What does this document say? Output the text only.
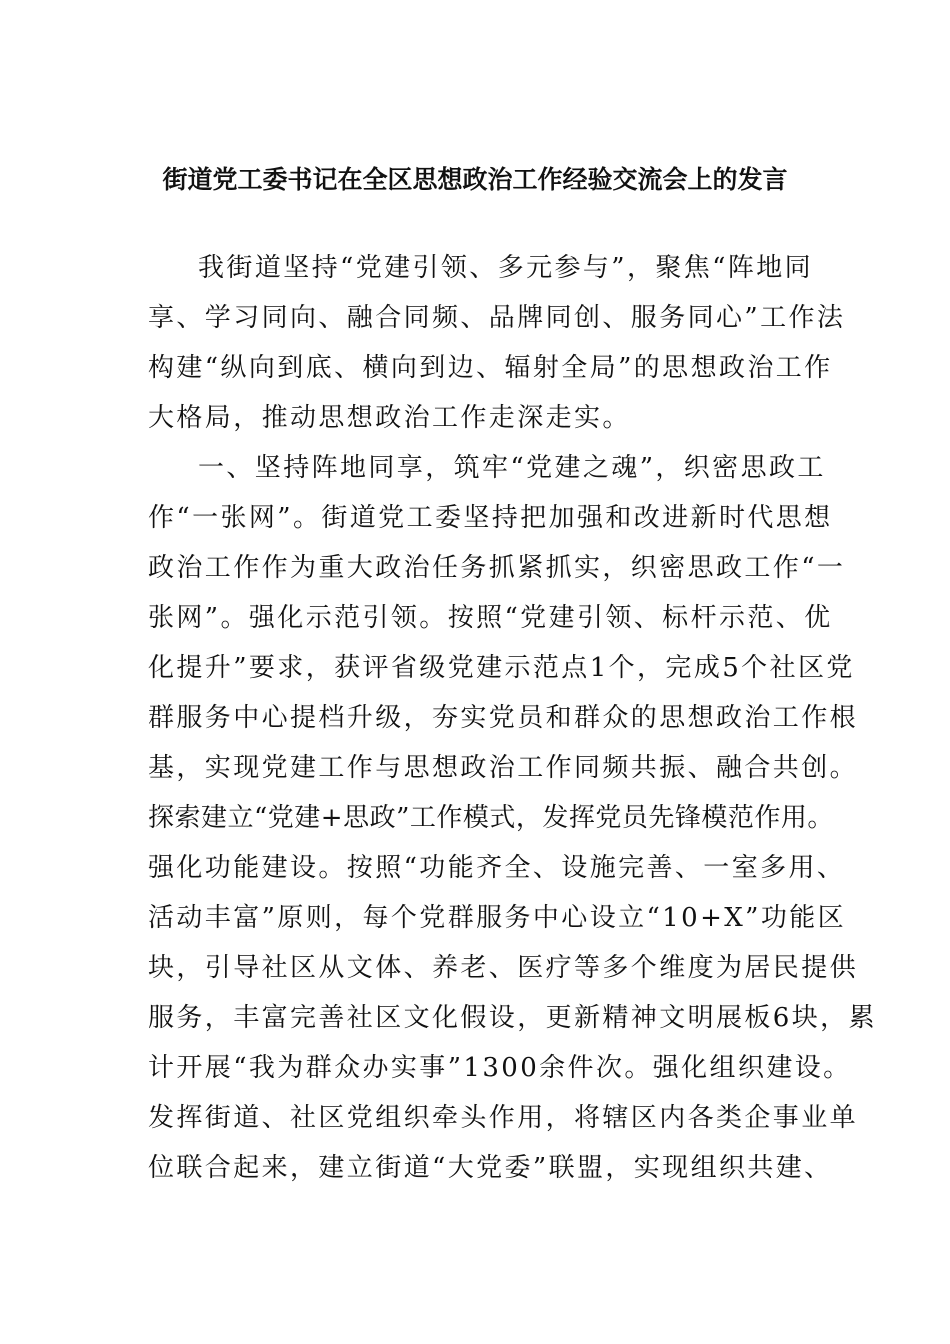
街道党工委书记在全区思想政治工作经验交流会上的发言
我街道坚持“党建引领、多元参与”，聚焦“阵地同
享、学习同向、融合同频、品牌同创、服务同心”工作法
构建“纵向到底、横向到边、辐射全局”的思想政治工作
大格局，推动思想政治工作走深走实。
一、坚持阵地同享，筑牢“党建之魂”，织密思政工
作“一张网”。街道党工委坚持把加强和改进新时代思想
政治工作作为重大政治任务抓紧抓实，织密思政工作“一
张网”。强化示范引领。按照“党建引领、标杆示范、优
化提升”要求，获评省级党建示范点1个，完成5个社区党
群服务中心提档升级，夯实党员和群众的思想政治工作根
基，实现党建工作与思想政治工作同频共振、融合共创。
探索建立“党建+思政”工作模式，发挥党员先锋模范作用。
强化功能建设。按照“功能齐全、设施完善、一室多用、
活动丰富”原则，每个党群服务中心设立“10+X”功能区
块，引导社区从文体、养老、医疗等多个维度为居民提供
服务，丰富完善社区文化假设，更新精神文明展板6块，累
计开展“我为群众办实事”1300余件次。强化组织建设。
发挥街道、社区党组织牵头作用，将辖区内各类企事业单
位联合起来，建立街道“大党委”联盟，实现组织共建、
